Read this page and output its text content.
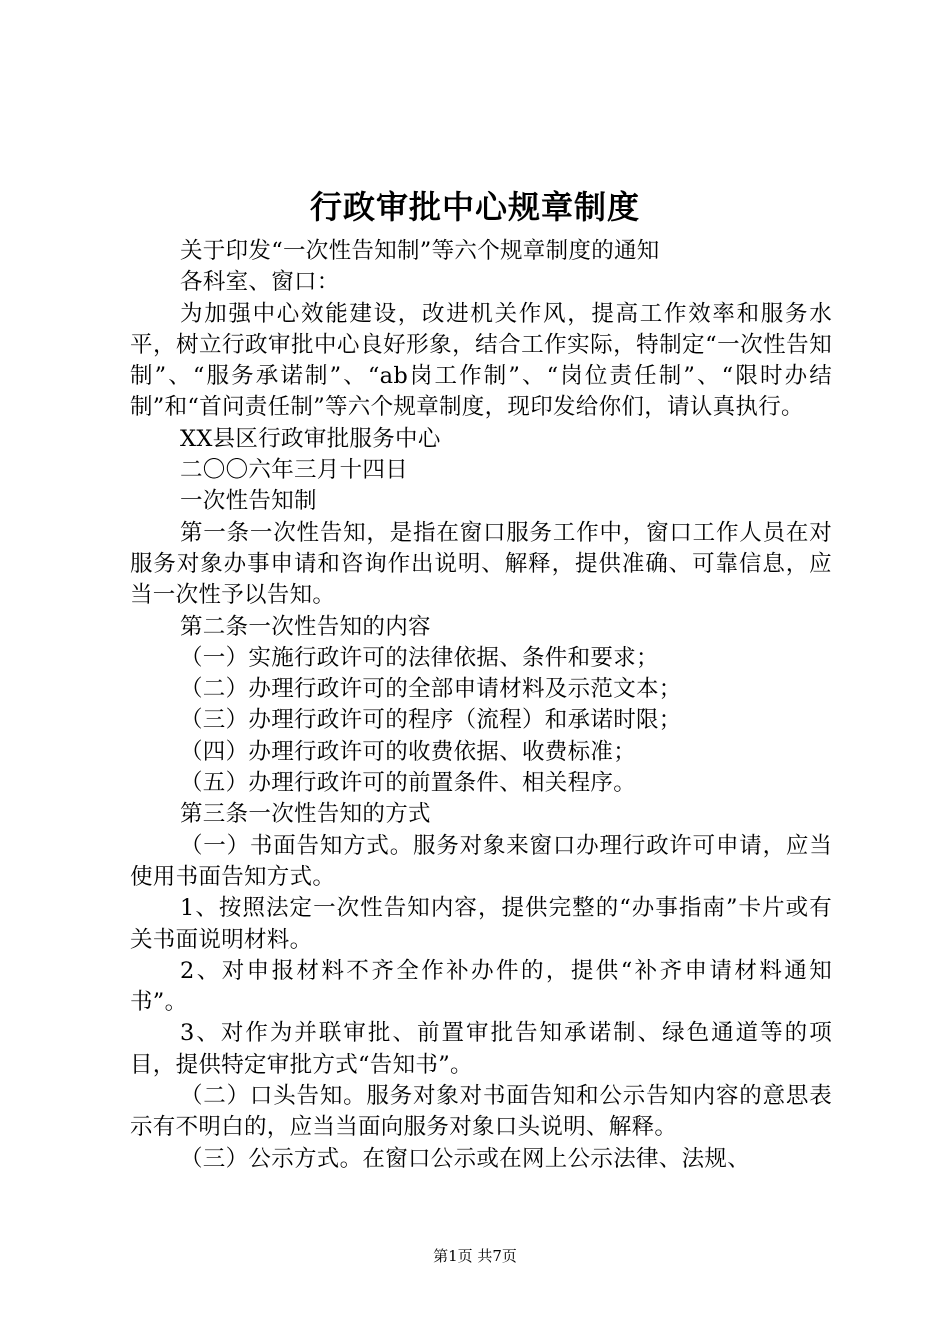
行政审批中心规章制度

关于印发“一次性告知制”等六个规章制度的通知

各科室、窗口：

为加强中心效能建设，改进机关作风，提高工作效率和服务水平，树立行政审批中心良好形象，结合工作实际，特制定“一次性告知制”、“服务承诺制”、“ab岗工作制”、“岗位责任制”、“限时办结制”和“首问责任制”等六个规章制度，现印发给你们，请认真执行。

XX县区行政审批服务中心

二〇〇六年三月十四日

一次性告知制

第一条一次性告知，是指在窗口服务工作中，窗口工作人员在对服务对象办事申请和咨询作出说明、解释，提供准确、可靠信息，应当一次性予以告知。

第二条一次性告知的内容

（一）实施行政许可的法律依据、条件和要求；

（二）办理行政许可的全部申请材料及示范文本；

（三）办理行政许可的程序（流程）和承诺时限；

（四）办理行政许可的收费依据、收费标准；

（五）办理行政许可的前置条件、相关程序。

第三条一次性告知的方式

（一）书面告知方式。服务对象来窗口办理行政许可申请，应当使用书面告知方式。

1、按照法定一次性告知内容，提供完整的“办事指南”卡片或有关书面说明材料。

2、对申报材料不齐全作补办件的，提供“补齐申请材料通知书”。

3、对作为并联审批、前置审批告知承诺制、绿色通道等的项目，提供特定审批方式“告知书”。

（二）口头告知。服务对象对书面告知和公示告知内容的意思表示有不明白的，应当当面向服务对象口头说明、解释。

（三）公示方式。在窗口公示或在网上公示法律、法规、

第1页 共7页
